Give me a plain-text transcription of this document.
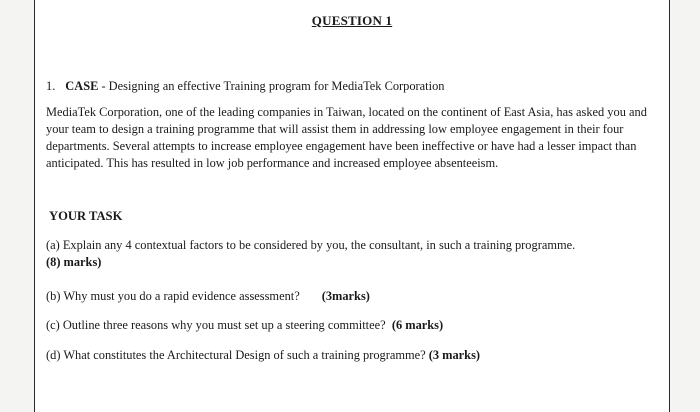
QUESTION 1
1. CASE - Designing an effective Training program for MediaTek Corporation

MediaTek Corporation, one of the leading companies in Taiwan, located on the continent of East Asia, has asked you and your team to design a training programme that will assist them in addressing low employee engagement in their four departments. Several attempts to increase employee engagement have been ineffective or have had a lesser impact than anticipated. This has resulted in low job performance and increased employee absenteeism.

YOUR TASK

(a) Explain any 4 contextual factors to be considered by you, the consultant, in such a training programme.
(8) marks)

(b) Why must you do a rapid evidence assessment? (3marks)

(c) Outline three reasons why you must set up a steering committee? (6 marks)

(d) What constitutes the Architectural Design of such a training programme? (3 marks)
